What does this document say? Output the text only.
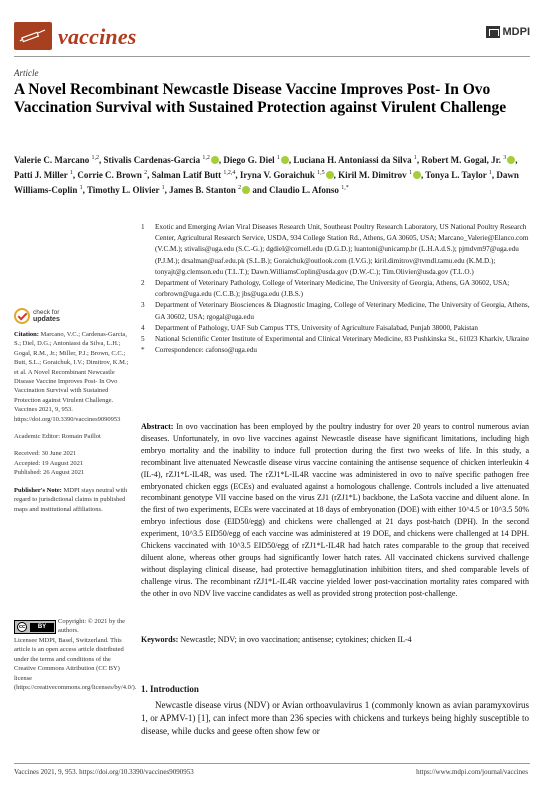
vaccines	MDPI
Article
A Novel Recombinant Newcastle Disease Vaccine Improves Post- In Ovo Vaccination Survival with Sustained Protection against Virulent Challenge
Valerie C. Marcano $^{1,2}$, Stivalis Cardenas-Garcia $^{1,2}$ , Diego G. Diel $^1$ , Luciana H. Antoniassi da Silva $^1$, Robert M. Gogal, Jr. $^3$ , Patti J. Miller $^1$, Corrie C. Brown $^2$, Salman Latif Butt $^{1,2,4}$, Iryna V. Goraichuk $^{1,5}$ , Kiril M. Dimitrov $^1$ , Tonya L. Taylor $^1$, Dawn Williams-Coplin $^1$, Timothy L. Olivier $^1$, James B. Stanton $^2$ and Claudio L. Afonso $^{1,*}$
1	Exotic and Emerging Avian Viral Diseases Research Unit, Southeast Poultry Research Laboratory, US National Poultry Research Center, Agricultural Research Service, USDA, 934 College Station Rd., Athens, GA 30605, USA; Marcano_Valerie@Elanco.com (V.C.M.); stivalis@uga.edu (S.C.-G.); dgdiel@cornell.edu (D.G.D.); luantoni@unicamp.br (L.H.A.d.S.); pjmdvm97@uga.edu (P.J.M.); drsalman@uaf.edu.pk (S.L.B.); Goraichuk@outlook.com (I.V.G.); kiril.dimitrov@tvmdl.tamu.edu (K.M.D.); tonyajt@g.clemson.edu (T.L.T.); Dawn.WilliamsCoplin@usda.gov (D.W.-C.); Tim.Olivier@usda.gov (T.L.O.)
2	Department of Veterinary Pathology, College of Veterinary Medicine, The University of Georgia, Athens, GA 30602, USA; corbrown@uga.edu (C.C.B.); jbs@uga.edu (J.B.S.)
3	Department of Veterinary Biosciences & Diagnostic Imaging, College of Veterinary Medicine, The University of Georgia, Athens, GA 30602, USA; rgogal@uga.edu
4	Department of Pathology, UAF Sub Campus TTS, University of Agriculture Faisalabad, Punjab 38000, Pakistan
5	National Scientific Center Institute of Experimental and Clinical Veterinary Medicine, 83 Pushkinska St., 61023 Kharkiv, Ukraine
*	Correspondence: cafonso@uga.edu
check for
updates

Citation: Marcano, V.C.; Cardenas-Garcia, S.; Diel, D.G.; Antoniassi da Silva, L.H.; Gogal, R.M., Jr.; Miller, P.J.; Brown, C.C.; Butt, S.L.; Goraichuk, I.V.; Dimitrov, K.M.; et al. A Novel Recombinant Newcastle Disease Vaccine Improves Post- In Ovo Vaccination Survival with Sustained Protection against Virulent Challenge. Vaccines 2021, 9, 953. https://doi.org/10.3390/vaccines9090953

Academic Editor: Romain Paillot

Received: 30 June 2021
Accepted: 19 August 2021
Published: 26 August 2021

Publisher's Note: MDPI stays neutral with regard to jurisdictional claims in published maps and institutional affiliations.

cc	BY
Copyright: © 2021 by the authors.
Licensee MDPI, Basel, Switzerland. This article is an open access article distributed under the terms and conditions of the Creative Commons Attribution (CC BY) license (https://creativecommons.org/licenses/by/4.0/).
Abstract: In ovo vaccination has been employed by the poultry industry for over 20 years to control numerous avian diseases. Unfortunately, in ovo live vaccines against Newcastle disease have significant limitations, including high embryo mortality and the inability to induce full protection during the first two weeks of life. In this study, a recombinant live attenuated Newcastle disease virus vaccine containing the antisense sequence of chicken interleukin 4 (IL-4), rZJ1*L-IL4R, was used. The rZJ1*L-IL4R vaccine was administered in ovo to naïve specific pathogen free embryonated chicken eggs (ECEs) and evaluated against a homologous challenge. Controls included a live attenuated recombinant genotype VII vaccine based on the virus ZJ1 (rZJ1*L) backbone, the LaSota vaccine and diluent alone. In the first of two experiments, ECEs were vaccinated at 18 days of embryonation (DOE) with either 10^4.5 or 10^3.5 50% embryo infectious dose (EID50/egg) and chickens were challenged at 21 days post-hatch (DPH). In the second experiment, 10^3.5 EID50/egg of each vaccine was administered at 19 DOE, and chickens were challenged at 14 DPH. Chickens vaccinated with 10^3.5 EID50/egg of rZJ1*L-IL4R had hatch rates comparable to the group that received diluent alone, whereas other groups had significantly lower hatch rates. All vaccinated chickens survived challenge without displaying clinical disease, had protective hemagglutination inhibition titers, and shed comparable levels of challenge virus. The recombinant rZJ1*L-IL4R vaccine yielded lower post-vaccination mortality rates compared with the other in ovo NDV live vaccine candidates as well as provided strong protection post-challenge.
Keywords: Newcastle; NDV; in ovo vaccination; antisense; cytokines; chicken IL-4
1. Introduction
Newcastle disease virus (NDV) or Avian orthoavulavirus 1 (commonly known as avian paramyxovirus 1, or APMV-1) [1], can infect more than 236 species with chickens and turkeys being highly susceptible to disease, while ducks and geese often show few or
Vaccines 2021, 9, 953. https://doi.org/10.3390/vaccines9090953	https://www.mdpi.com/journal/vaccines
